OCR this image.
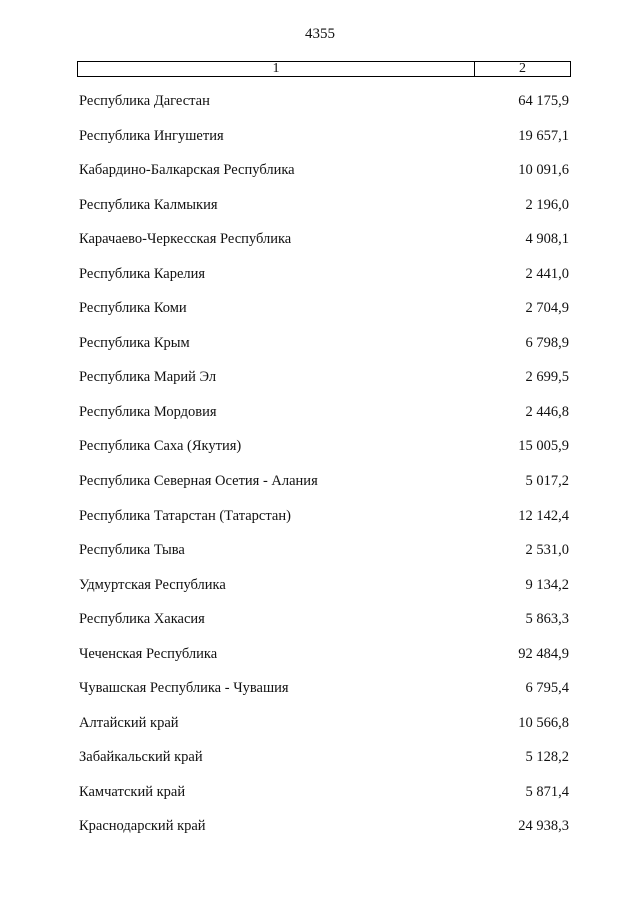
4355
1	2
Республика Дагестан	64 175,9
Республика Ингушетия	19 657,1
Кабардино-Балкарская Республика	10 091,6
Республика Калмыкия	2 196,0
Карачаево-Черкесская Республика	4 908,1
Республика Карелия	2 441,0
Республика Коми	2 704,9
Республика Крым	6 798,9
Республика Марий Эл	2 699,5
Республика Мордовия	2 446,8
Республика Саха (Якутия)	15 005,9
Республика Северная Осетия - Алания	5 017,2
Республика Татарстан (Татарстан)	12 142,4
Республика Тыва	2 531,0
Удмуртская Республика	9 134,2
Республика Хакасия	5 863,3
Чеченская Республика	92 484,9
Чувашская Республика - Чувашия	6 795,4
Алтайский край	10 566,8
Забайкальский край	5 128,2
Камчатский край	5 871,4
Краснодарский край	24 938,3
